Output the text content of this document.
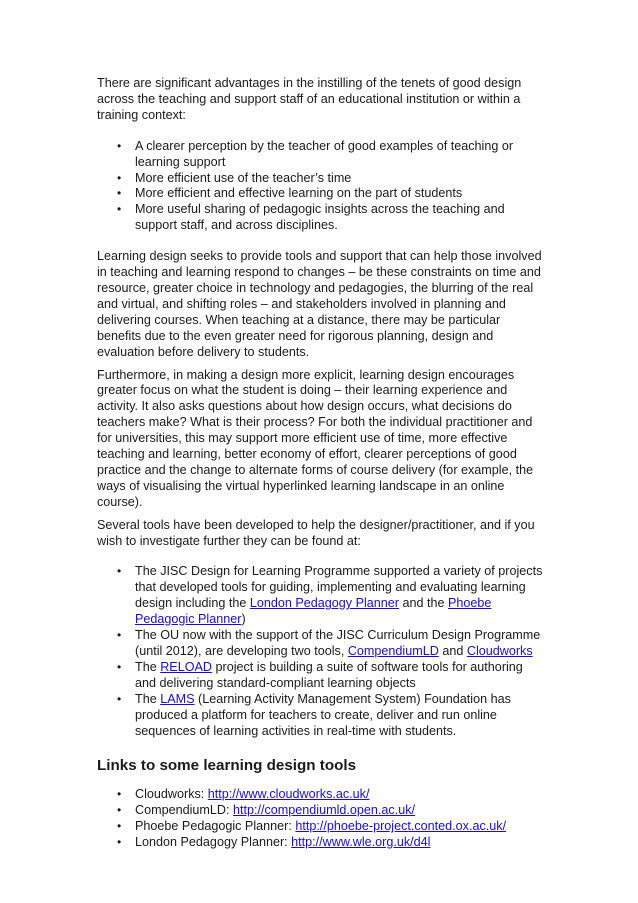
There are significant advantages in the instilling of the tenets of good design across the teaching and support staff of an educational institution or within a training context:

• A clearer perception by the teacher of good examples of teaching or learning support
• More efficient use of the teacher’s time
• More efficient and effective learning on the part of students
• More useful sharing of pedagogic insights across the teaching and support staff, and across disciplines.

Learning design seeks to provide tools and support that can help those involved in teaching and learning respond to changes – be these constraints on time and resource, greater choice in technology and pedagogies, the blurring of the real and virtual, and shifting roles – and stakeholders involved in planning and delivering courses. When teaching at a distance, there may be particular benefits due to the even greater need for rigorous planning, design and evaluation before delivery to students.

Furthermore, in making a design more explicit, learning design encourages greater focus on what the student is doing – their learning experience and activity. It also asks questions about how design occurs, what decisions do teachers make? What is their process? For both the individual practitioner and for universities, this may support more efficient use of time, more effective teaching and learning, better economy of effort, clearer perceptions of good practice and the change to alternate forms of course delivery (for example, the ways of visualising the virtual hyperlinked learning landscape in an online course).

Several tools have been developed to help the designer/practitioner, and if you wish to investigate further they can be found at:

• The JISC Design for Learning Programme supported a variety of projects that developed tools for guiding, implementing and evaluating learning design including the London Pedagogy Planner and the Phoebe Pedagogic Planner)
• The OU now with the support of the JISC Curriculum Design Programme (until 2012), are developing two tools, CompendiumLD and Cloudworks
• The RELOAD project is building a suite of software tools for authoring and delivering standard-compliant learning objects
• The LAMS (Learning Activity Management System) Foundation has produced a platform for teachers to create, deliver and run online sequences of learning activities in real-time with students.
Links to some learning design tools
• Cloudworks: http://www.cloudworks.ac.uk/
• CompendiumLD: http://compendiumld.open.ac.uk/
• Phoebe Pedagogic Planner: http://phoebe-project.conted.ox.ac.uk/
• London Pedagogy Planner: http://www.wle.org.uk/d4l
